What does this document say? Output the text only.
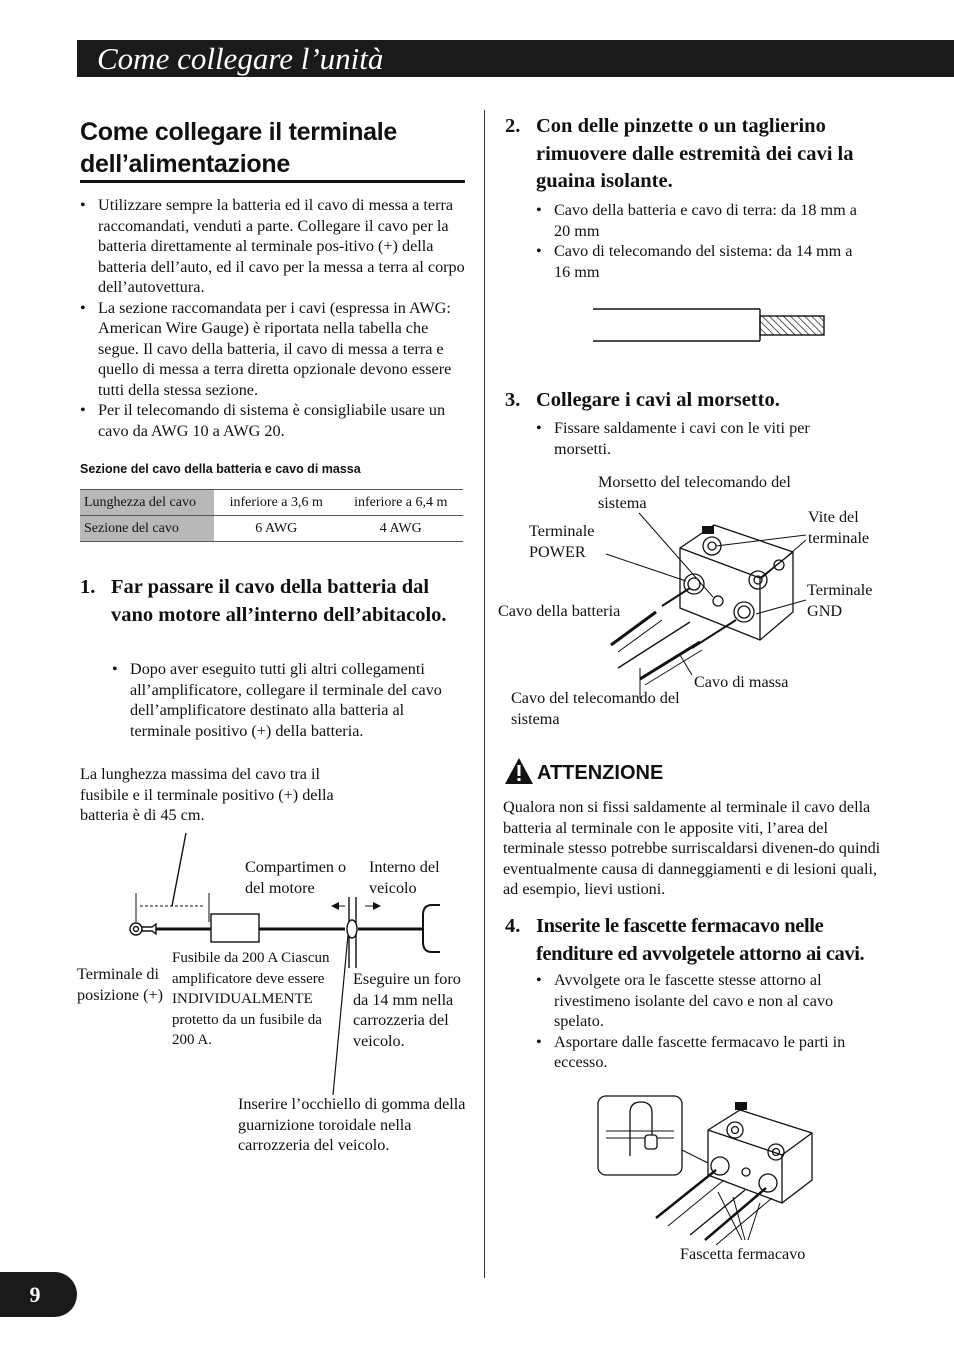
Come collegare l’unità
Come collegare il terminale dell’alimentazione
• Utilizzare sempre la batteria ed il cavo di messa a terra raccomandati, venduti a parte. Collegare il cavo per la batteria direttamente al terminale pos-itivo (+) della batteria dell’auto, ed il cavo per la messa a terra al corpo dell’autovettura.
• La sezione raccomandata per i cavi (espressa in AWG: American Wire Gauge) è riportata nella tabella che segue. Il cavo della batteria, il cavo di messa a terra e quello di messa a terra diretta opzionale devono essere tutti della stessa sezione.
• Per il telecomando di sistema è consigliabile usare un cavo da AWG 10 a AWG 20.
Sezione del cavo della batteria e cavo di massa
Lunghezza del cavo	inferiore a 3,6 m	inferiore a 6,4 m
Sezione del cavo	6 AWG	4 AWG
1. Far passare il cavo della batteria dal vano motore all’interno dell’abitacolo.
• Dopo aver eseguito tutti gli altri collegamenti all’amplificatore, collegare il terminale del cavo dell’amplificatore destinato alla batteria al terminale positivo (+) della batteria.
La lunghezza massima del cavo tra il fusibile e il terminale positivo (+) della batteria è di 45 cm.
Compartimen o del motore
Interno del veicolo
Terminale di posizione (+)
Fusibile da 200 A Ciascun amplificatore deve essere INDIVIDUALMENTE protetto da un fusibile da 200 A.
Eseguire un foro da 14 mm nella carrozzeria del veicolo.
Inserire l’occhiello di gomma della guarnizione toroidale nella carrozzeria del veicolo.
2. Con delle pinzette o un taglierino rimuovere dalle estremità dei cavi la guaina isolante.
• Cavo della batteria e cavo di terra: da 18 mm a 20 mm
• Cavo di telecomando del sistema: da 14 mm a 16 mm
3. Collegare i cavi al morsetto.
• Fissare saldamente i cavi con le viti per morsetti.
Morsetto del telecomando del sistema
Vite del terminale
Terminale POWER
Terminale GND
Cavo della batteria
Cavo di massa
Cavo del telecomando del sistema
ATTENZIONE
Qualora non si fissi saldamente al terminale il cavo della batteria al terminale con le apposite viti, l’area del terminale stesso potrebbe surriscaldarsi divenen-do quindi eventualmente causa di danneggiamenti e di lesioni quali, ad esempio, lievi ustioni.
4. Inserite le fascette fermacavo nelle fenditure ed avvolgetele attorno ai cavi.
• Avvolgete ora le fascette stesse attorno al rivestimeno isolante del cavo e non al cavo spelato.
• Asportare dalle fascette fermacavo le parti in eccesso.
Fascetta fermacavo
9
